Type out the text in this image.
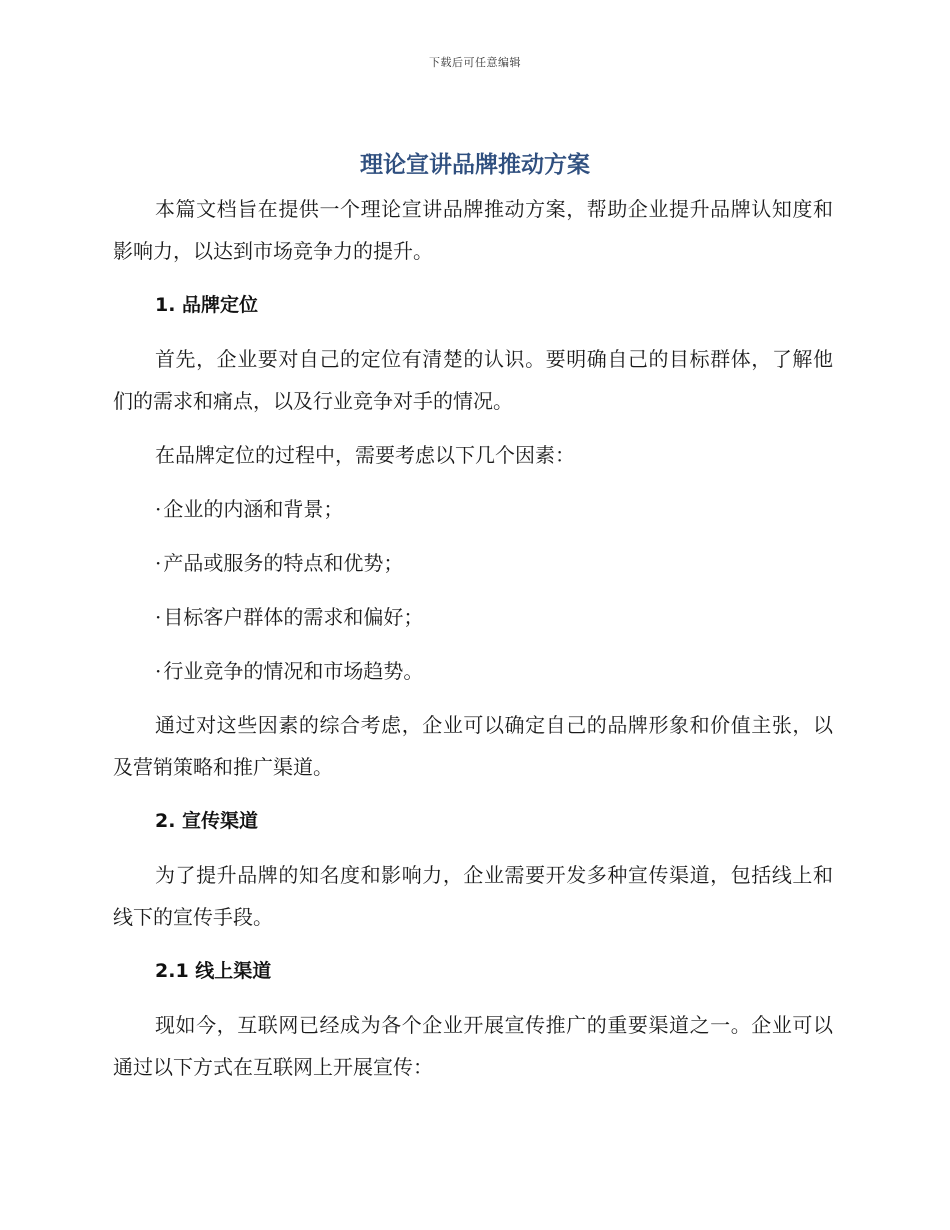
下载后可任意编辑
理论宣讲品牌推动方案

本篇文档旨在提供一个理论宣讲品牌推动方案，帮助企业提升品牌认知度和影响力，以达到市场竞争力的提升。

1. 品牌定位

首先，企业要对自己的定位有清楚的认识。要明确自己的目标群体，了解他们的需求和痛点，以及行业竞争对手的情况。

在品牌定位的过程中，需要考虑以下几个因素：

· 企业的内涵和背景；
· 产品或服务的特点和优势；
· 目标客户群体的需求和偏好；
· 行业竞争的情况和市场趋势。

通过对这些因素的综合考虑，企业可以确定自己的品牌形象和价值主张，以及营销策略和推广渠道。

2. 宣传渠道

为了提升品牌的知名度和影响力，企业需要开发多种宣传渠道，包括线上和线下的宣传手段。

2.1 线上渠道

现如今，互联网已经成为各个企业开展宣传推广的重要渠道之一。企业可以通过以下方式在互联网上开展宣传：
